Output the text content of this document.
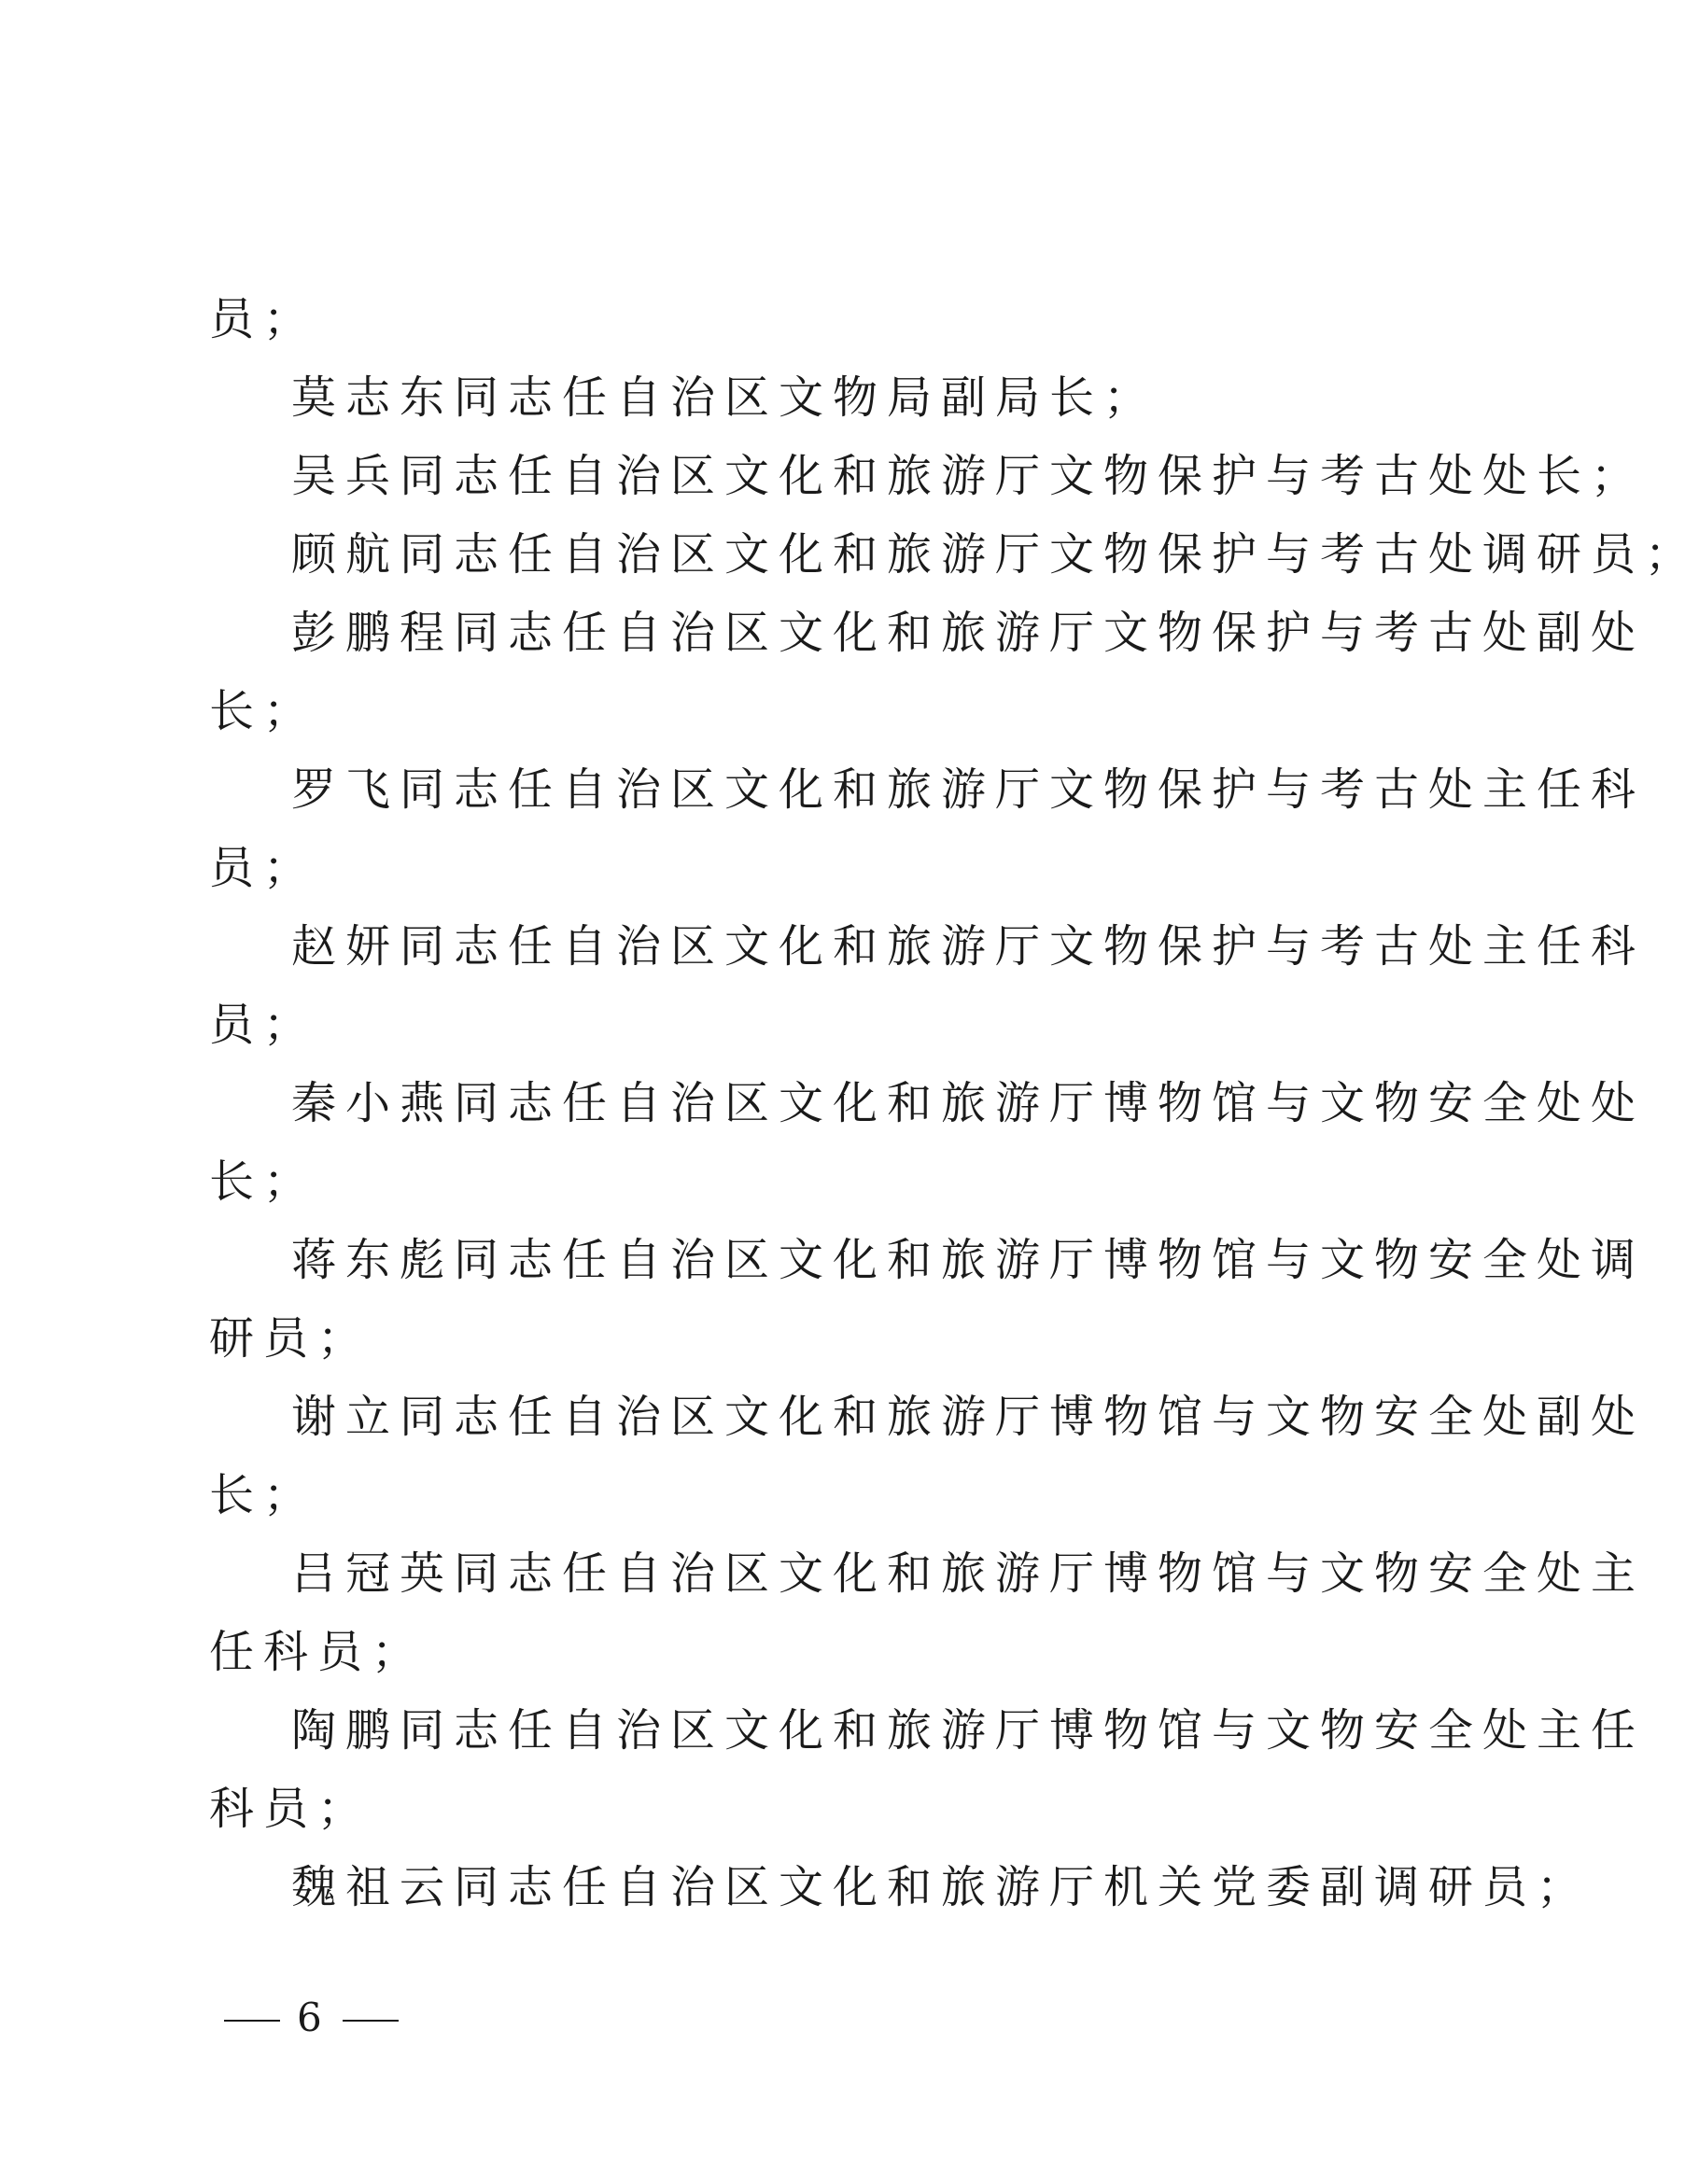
员；
莫志东同志任自治区文物局副局长；
吴兵同志任自治区文化和旅游厅文物保护与考古处处长；
顾航同志任自治区文化和旅游厅文物保护与考古处调研员；
彭鹏程同志任自治区文化和旅游厅文物保护与考古处副处
长；
罗飞同志任自治区文化和旅游厅文物保护与考古处主任科
员；
赵妍同志任自治区文化和旅游厅文物保护与考古处主任科
员；
秦小燕同志任自治区文化和旅游厅博物馆与文物安全处处
长；
蒋东彪同志任自治区文化和旅游厅博物馆与文物安全处调
研员；
谢立同志任自治区文化和旅游厅博物馆与文物安全处副处
长；
吕冠英同志任自治区文化和旅游厅博物馆与文物安全处主
任科员；
陶鹏同志任自治区文化和旅游厅博物馆与文物安全处主任
科员；
魏祖云同志任自治区文化和旅游厅机关党委副调研员；
6
